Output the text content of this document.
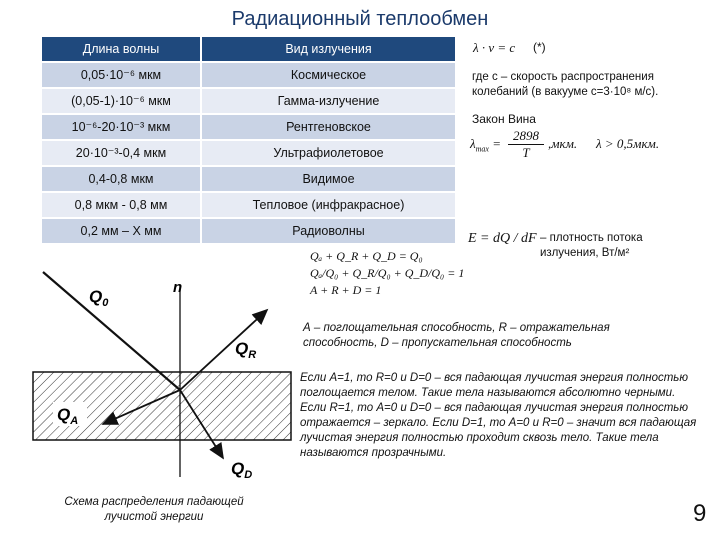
Радиационный теплообмен
Длина волны	Вид излучения
0,05·10⁻⁶ мкм	Космическое
(0,05-1)·10⁻⁶ мкм	Гамма-излучение
10⁻⁶-20·10⁻³ мкм	Рентгеновское
20·10⁻³-0,4 мкм	Ультрафиолетовое
0,4-0,8 мкм	Видимое
0,8 мкм - 0,8 мм	Тепловое (инфракрасное)
0,2 мм – Х мм	Радиоволны
λ · ν = c (*)
где с – скорость распространения колебаний (в вакууме с=3·10⁸ м/с).
Закон Вина
$\lambda_{max}$ =
2898
T
,мкм. λ > 0,5мкм.
E = dQ / dF – плотность потока излучения, Вт/м²
Qₐ + Q_R + Q_D = Q₀
Qₐ/Q₀ + Q_R/Q₀ + Q_D/Q₀ = 1
A + R + D = 1
А – поглощательная способность, R – отражательная способность, D – пропускательная способность
Если А=1, то R=0 и D=0 – вся падающая лучистая энергия полностью поглощается телом. Такие тела называются абсолютно черными. Если R=1, то А=0 и D=0 – вся падающая лучистая энергия полностью отражается – зеркало. Если D=1, то А=0 и R=0 – значит вся падающая лучистая энергия полностью проходит сквозь тело. Такие тела называются прозрачными.
$Q_0$
n
$Q_R$
$Q_A$
$Q_D$
Схема распределения падающей лучистой энергии	9
